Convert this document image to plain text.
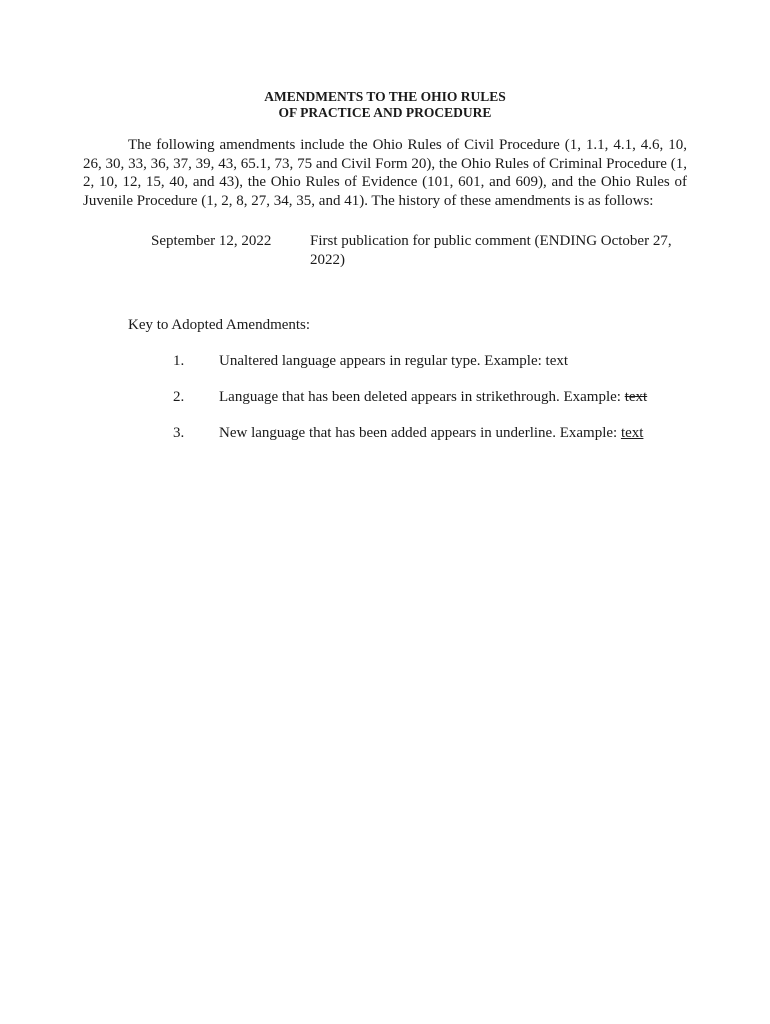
AMENDMENTS TO THE OHIO RULES
OF PRACTICE AND PROCEDURE

The following amendments include the Ohio Rules of Civil Procedure (1, 1.1, 4.1, 4.6, 10, 26, 30, 33, 36, 37, 39, 43, 65.1, 73, 75 and Civil Form 20), the Ohio Rules of Criminal Procedure (1, 2, 10, 12, 15, 40, and 43), the Ohio Rules of Evidence (101, 601, and 609), and the Ohio Rules of Juvenile Procedure (1, 2, 8, 27, 34, 35, and 41). The history of these amendments is as follows:

September 12, 2022	First publication for public comment (ENDING October 27, 2022)
Key to Adopted Amendments:
1. Unaltered language appears in regular type. Example: text
2. Language that has been deleted appears in strikethrough. Example: text
3. New language that has been added appears in underline. Example: text
